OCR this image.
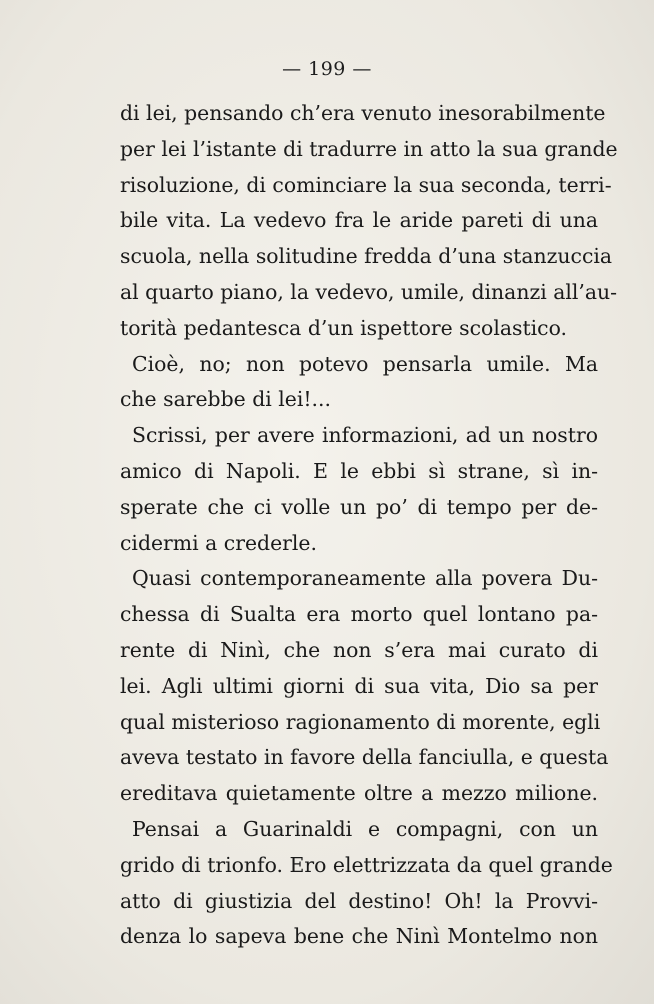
— 199 —

di lei, pensando ch’era venuto inesorabilmente
per lei l’istante di tradurre in atto la sua grande
risoluzione, di cominciare la sua seconda, terri-
bile vita. La vedevo fra le aride pareti di una
scuola, nella solitudine fredda d’una stanzuccia
al quarto piano, la vedevo, umile, dinanzi all’au-
torità pedantesca d’un ispettore scolastico.

Cioè, no; non potevo pensarla umile. Ma
che sarebbe di lei!...

Scrissi, per avere informazioni, ad un nostro
amico di Napoli. E le ebbi sì strane, sì in-
sperate che ci volle un po’ di tempo per de-
cidermi a crederle.

Quasi contemporaneamente alla povera Du-
chessa di Sualta era morto quel lontano pa-
rente di Ninì, che non s’era mai curato di
lei. Agli ultimi giorni di sua vita, Dio sa per
qual misterioso ragionamento di morente, egli
aveva testato in favore della fanciulla, e questa
ereditava quietamente oltre a mezzo milione.

Pensai a Guarinaldi e compagni, con un
grido di trionfo. Ero elettrizzata da quel grande
atto di giustizia del destino! Oh! la Provvi-
denza lo sapeva bene che Ninì Montelmo non
